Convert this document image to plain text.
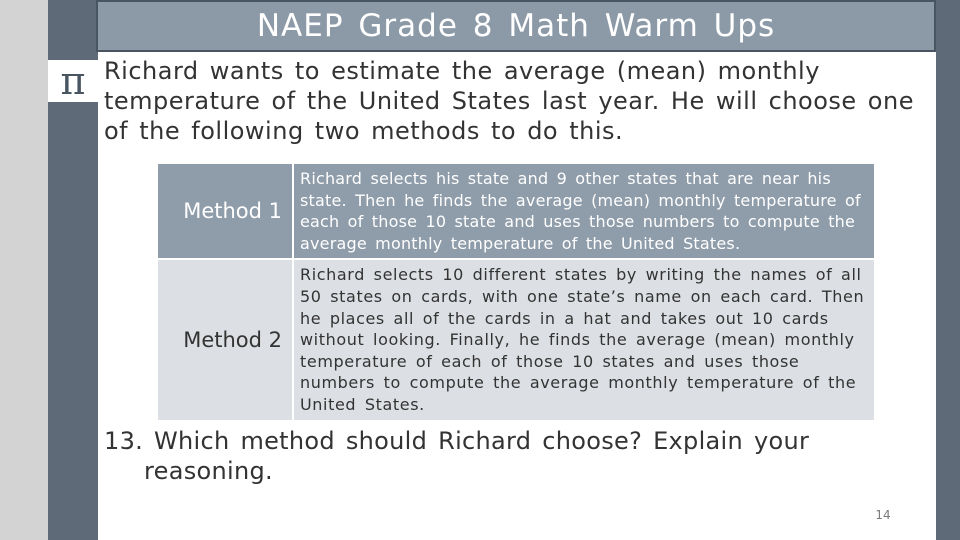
NAEP Grade 8 Math Warm Ups
π Richard wants to estimate the average (mean) monthly temperature of the United States last year. He will choose one of the following two methods to do this.

Method 1	Richard selects his state and 9 other states that are near his state. Then he finds the average (mean) monthly temperature of each of those 10 state and uses those numbers to compute the average monthly temperature of the United States.
Method 2	Richard selects 10 different states by writing the names of all 50 states on cards, with one state’s name on each card. Then he places all of the cards in a hat and takes out 10 cards without looking. Finally, he finds the average (mean) monthly temperature of each of those 10 states and uses those numbers to compute the average monthly temperature of the United States.

13. Which method should Richard choose? Explain your reasoning.

14
